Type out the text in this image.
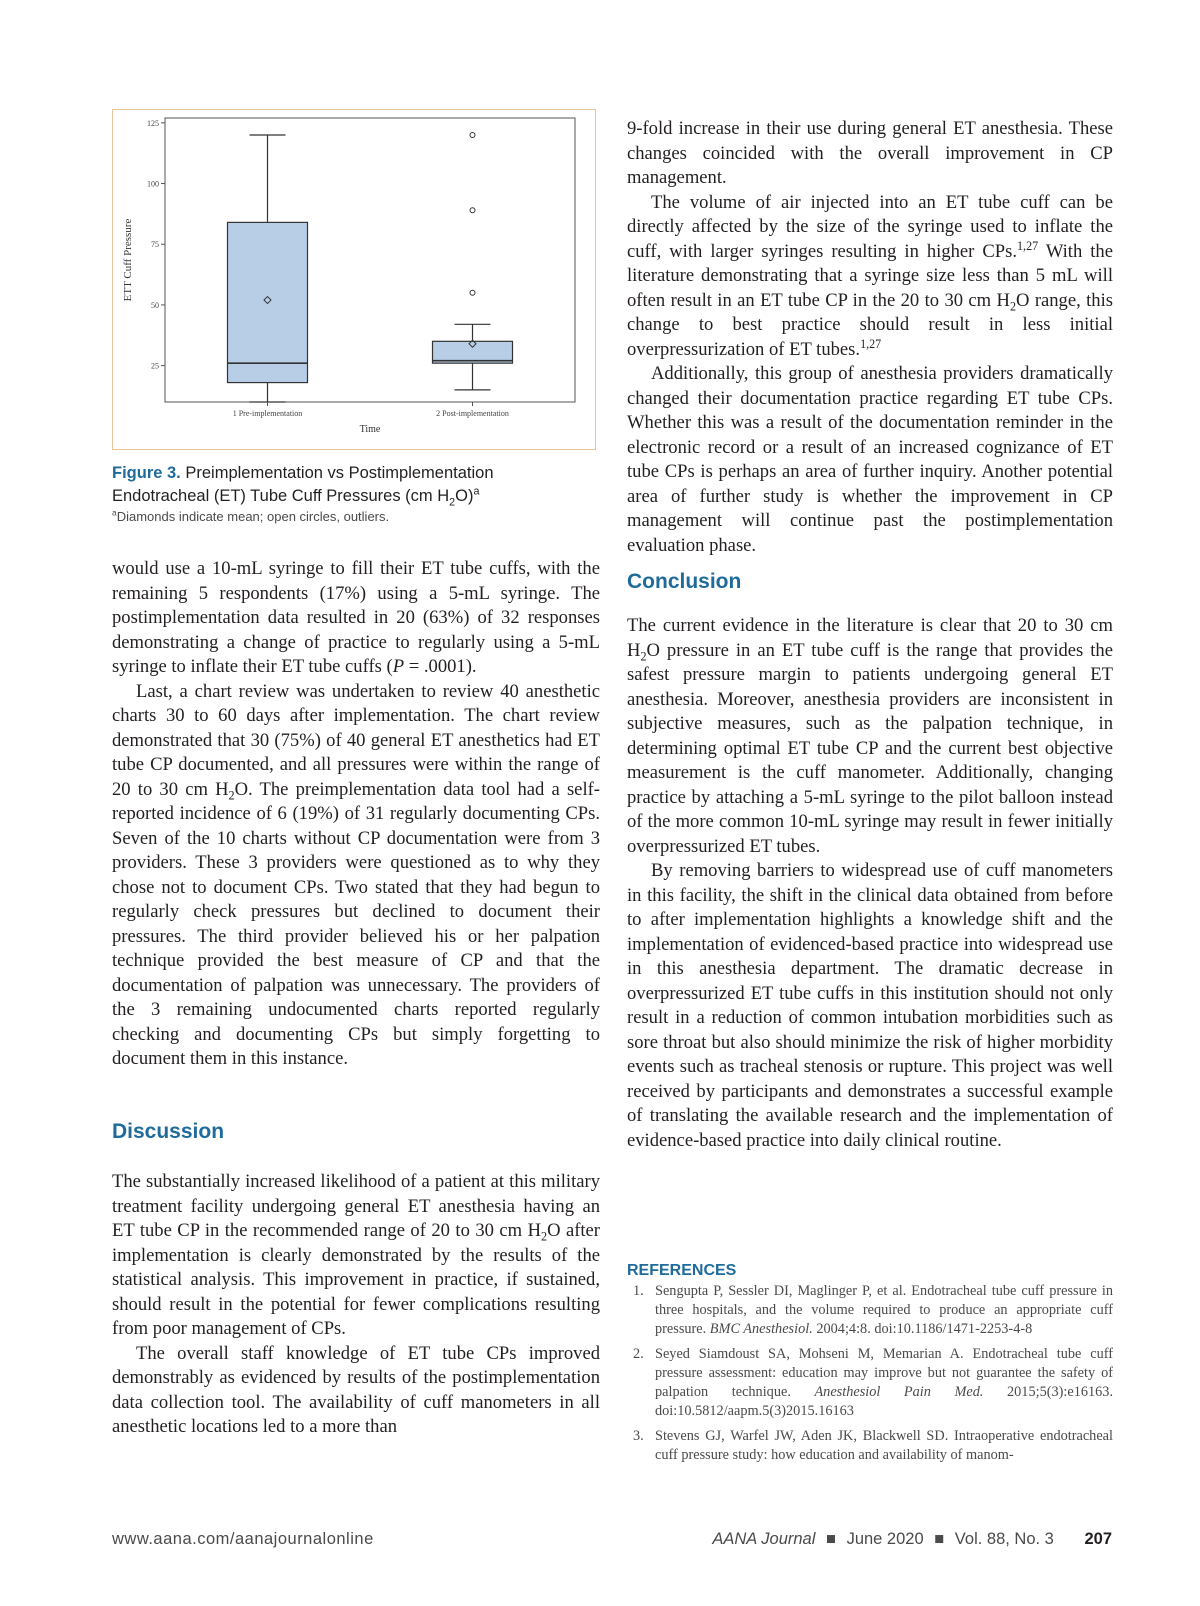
25
50
75
100
125
ETT Cuff Pressure
1 Pre-implementation	2 Post-implementation
Time
Figure 3. Preimplementation vs Postimplementation
Endotracheal (ET) Tube Cuff Pressures (cm $H_2O)^a$
$^a$Diamonds indicate mean; open circles, outliers.

would use a 10-mL syringe to fill their ET tube cuffs, with the remaining 5 respondents (17%) using a 5-mL syringe. The postimplementation data resulted in 20 (63%) of 32 responses demonstrating a change of practice to regularly using a 5-mL syringe to inflate their ET tube cuffs (P = .0001).

Last, a chart review was undertaken to review 40 anesthetic charts 30 to 60 days after implementation. The chart review demonstrated that 30 (75%) of 40 general ET anesthetics had ET tube CP documented, and all pressures were within the range of 20 to 30 cm $H_2O$. The preimplementation data tool had a self-reported incidence of 6 (19%) of 31 regularly documenting CPs. Seven of the 10 charts without CP documentation were from 3 providers. These 3 providers were questioned as to why they chose not to document CPs. Two stated that they had begun to regularly check pressures but declined to document their pressures. The third provider believed his or her palpation technique provided the best measure of CP and that the documentation of palpation was unnecessary. The providers of the 3 remaining undocumented charts reported regularly checking and documenting CPs but simply forgetting to document them in this instance.

Discussion

The substantially increased likelihood of a patient at this military treatment facility undergoing general ET anesthesia having an ET tube CP in the recommended range of 20 to 30 cm $H_2O$ after implementation is clearly demonstrated by the results of the statistical analysis. This improvement in practice, if sustained, should result in the potential for fewer complications resulting from poor management of CPs.

The overall staff knowledge of ET tube CPs improved demonstrably as evidenced by results of the postimplementation data collection tool. The availability of cuff manometers in all anesthetic locations led to a more than

9-fold increase in their use during general ET anesthesia. These changes coincided with the overall improvement in CP management.

The volume of air injected into an ET tube cuff can be directly affected by the size of the syringe used to inflate the cuff, with larger syringes resulting in higher CPs.$^{1,27}$ With the literature demonstrating that a syringe size less than 5 mL will often result in an ET tube CP in the 20 to 30 cm $H_2O$ range, this change to best practice should result in less initial overpressurization of ET tubes.$^{1,27}$

Additionally, this group of anesthesia providers dramatically changed their documentation practice regarding ET tube CPs. Whether this was a result of the documentation reminder in the electronic record or a result of an increased cognizance of ET tube CPs is perhaps an area of further inquiry. Another potential area of further study is whether the improvement in CP management will continue past the postimplementation evaluation phase.

Conclusion

The current evidence in the literature is clear that 20 to 30 cm $H_2O$ pressure in an ET tube cuff is the range that provides the safest pressure margin to patients undergoing general ET anesthesia. Moreover, anesthesia providers are inconsistent in subjective measures, such as the palpation technique, in determining optimal ET tube CP and the current best objective measurement is the cuff manometer. Additionally, changing practice by attaching a 5-mL syringe to the pilot balloon instead of the more common 10-mL syringe may result in fewer initially overpressurized ET tubes.

By removing barriers to widespread use of cuff manometers in this facility, the shift in the clinical data obtained from before to after implementation highlights a knowledge shift and the implementation of evidenced-based practice into widespread use in this anesthesia department. The dramatic decrease in overpressurized ET tube cuffs in this institution should not only result in a reduction of common intubation morbidities such as sore throat but also should minimize the risk of higher morbidity events such as tracheal stenosis or rupture. This project was well received by participants and demonstrates a successful example of translating the available research and the implementation of evidence-based practice into daily clinical routine.

REFERENCES
1. Sengupta P, Sessler DI, Maglinger P, et al. Endotracheal tube cuff pressure in three hospitals, and the volume required to produce an appropriate cuff pressure. BMC Anesthesiol. 2004;4:8. doi:10.1186/1471-2253-4-8
2. Seyed Siamdoust SA, Mohseni M, Memarian A. Endotracheal tube cuff pressure assessment: education may improve but not guarantee the safety of palpation technique. Anesthesiol Pain Med. 2015;5(3):e16163. doi:10.5812/aapm.5(3)2015.16163
3. Stevens GJ, Warfel JW, Aden JK, Blackwell SD. Intraoperative endotracheal cuff pressure study: how education and availability of manom-
www.aana.com/aanajournalonline	AANA Journal ■ June 2020 ■ Vol. 88, No. 3 207
